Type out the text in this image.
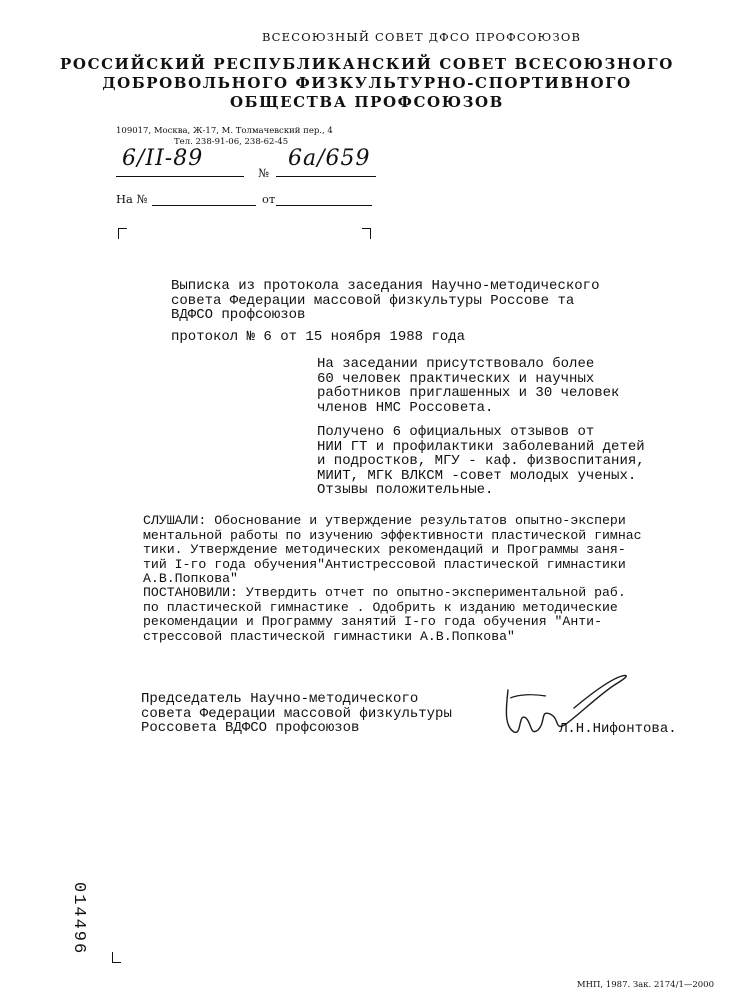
ВСЕСОЮЗНЫЙ СОВЕТ ДФСО ПРОФСОЮЗОВ
РОССИЙСКИЙ РЕСПУБЛИКАНСКИЙ СОВЕТ ВСЕСОЮЗНОГО
ДОБРОВОЛЬНОГО ФИЗКУЛЬТУРНО-СПОРТИВНОГО
ОБЩЕСТВА ПРОФСОЮЗОВ
109017, Москва, Ж-17, М. Толмачевский пер., 4
Тел. 238-91-06, 238-62-45
6/II-89
№
6а/659
На №	от
Выписка из протокола заседания Научно-методического
совета Федерации массовой физкультуры Россове та
ВДФСО профсоюзов
протокол № 6 от 15 ноября 1988 года
На заседании присутствовало более
60 человек практических и научных
работников приглашенных и 30 человек
членов НМС Россовета.
Получено 6 официальных отзывов от
НИИ ГТ и профилактики заболеваний детей
и подростков, МГУ - каф. физвоспитания,
МИИТ, МГК ВЛКСМ -совет молодых ученых.
Отзывы положительные.
СЛУШАЛИ: Обоснование и утверждение результатов опытно-экспери
ментальной работы по изучению эффективности пластической гимнас
тики. Утверждение методических рекомендаций и Программы заня-
тий I-го года обучения"Антистрессовой пластической гимнастики
А.В.Попкова"
ПОСТАНОВИЛИ: Утвердить отчет по опытно-экспериментальной раб.
по пластической гимнастике . Одобрить к изданию методические
рекомендации и Программу занятий I-го года обучения "Анти-
стрессовой пластической гимнастики А.В.Попкова"
Председатель Научно-методического
совета Федерации массовой физкультуры
Россовета ВДФСО профсоюзов	Л.Н.Нифонтова.
014496
МНП, 1987. Зак. 2174/1—2000
